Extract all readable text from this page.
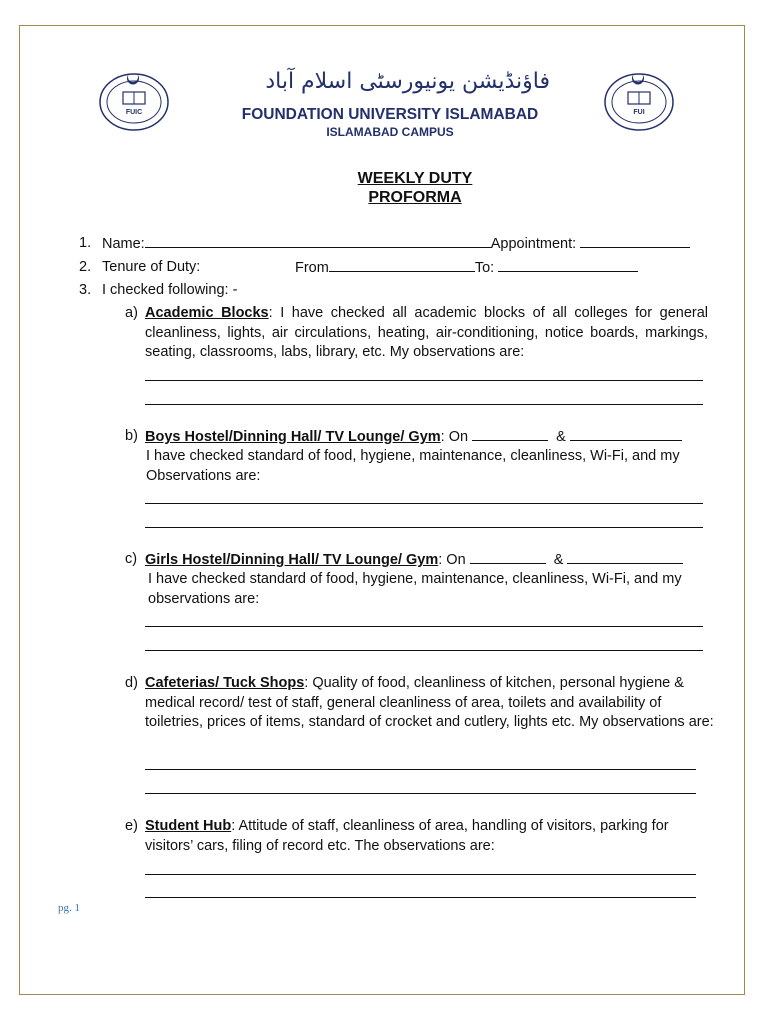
FUIC	FUI
فاؤنڈیشن یونیورسٹی اسلام آباد
FOUNDATION UNIVERSITY ISLAMABAD
ISLAMABAD CAMPUS
WEEKLY DUTY
PROFORMA
1. Name:	Appointment:
2. Tenure of Duty:	From	To:
3. I checked following: -
a) Academic Blocks: I have checked all academic blocks of all colleges for general cleanliness, lights, air circulations, heating, air-conditioning, notice boards, markings, seating, classrooms, labs, library, etc. My observations are:
b) Boys Hostel/Dinning Hall/ TV Lounge/ Gym: On	&
I have checked standard of food, hygiene, maintenance, cleanliness, Wi-Fi, and my Observations are:
c) Girls Hostel/Dinning Hall/ TV Lounge/ Gym: On	&
I have checked standard of food, hygiene, maintenance, cleanliness, Wi-Fi, and my observations are:
d) Cafeterias/ Tuck Shops: Quality of food, cleanliness of kitchen, personal hygiene & medical record/ test of staff, general cleanliness of area, toilets and availability of toiletries, prices of items, standard of crocket and cutlery, lights etc. My observations are:
e) Student Hub: Attitude of staff, cleanliness of area, handling of visitors, parking for visitors’ cars, filing of record etc. The observations are:
pg. 1
